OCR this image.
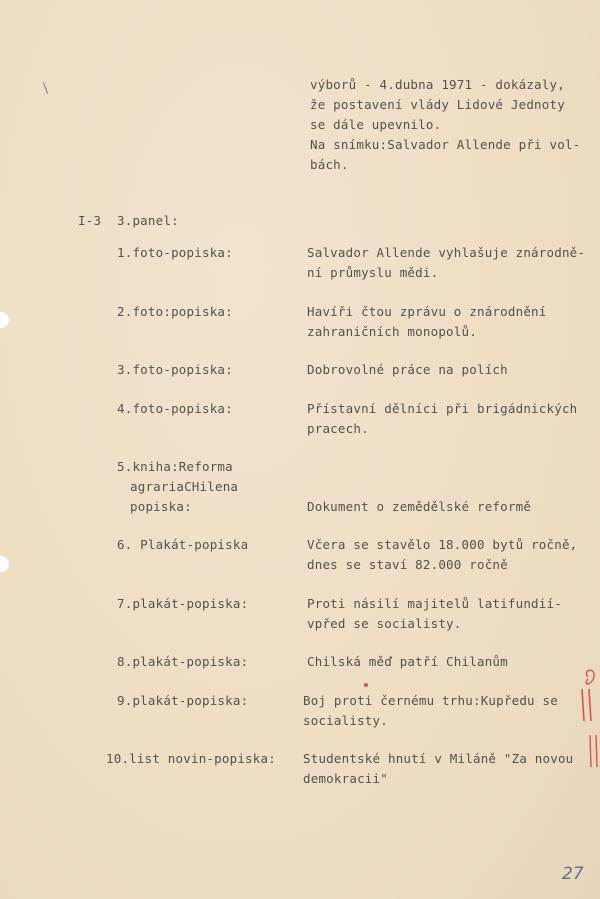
výborů - 4.dubna 1971 - dokázaly,
že postavení vlády Lidové Jednoty
se dále upevnilo.
Na snímku:Salvador Allende při vol-
bách.
I-3 3.panel:
1.foto-popiska:	Salvador Allende vyhlašuje znárodně-
ní průmyslu mědi.
2.foto:popiska:	Havíři čtou zprávu o znárodnění
zahraničních monopolů.
3.foto-popiska:	Dobrovolné práce na polích
4.foto-popiska:	Přístavní dělníci při brigádnických
pracech.
5.kniha:Reforma
agrariaCHilena
popiska:	Dokument o zemědělské reformě
6. Plakát-popiska	Včera se stavělo 18.000 bytů ročně,
dnes se staví 82.000 ročně
7.plakát-popiska:	Proti násilí majitelů latifundií-
vpřed se socialisty.
8.plakát-popiska:	Chilská měď patří Chilanům
9.plakát-popiska:	Boj proti černému trhu:Kupředu se
socialisty.
10.list novin-popiska: Studentské hnutí v Miláně "Za novou
demokracii"
27
